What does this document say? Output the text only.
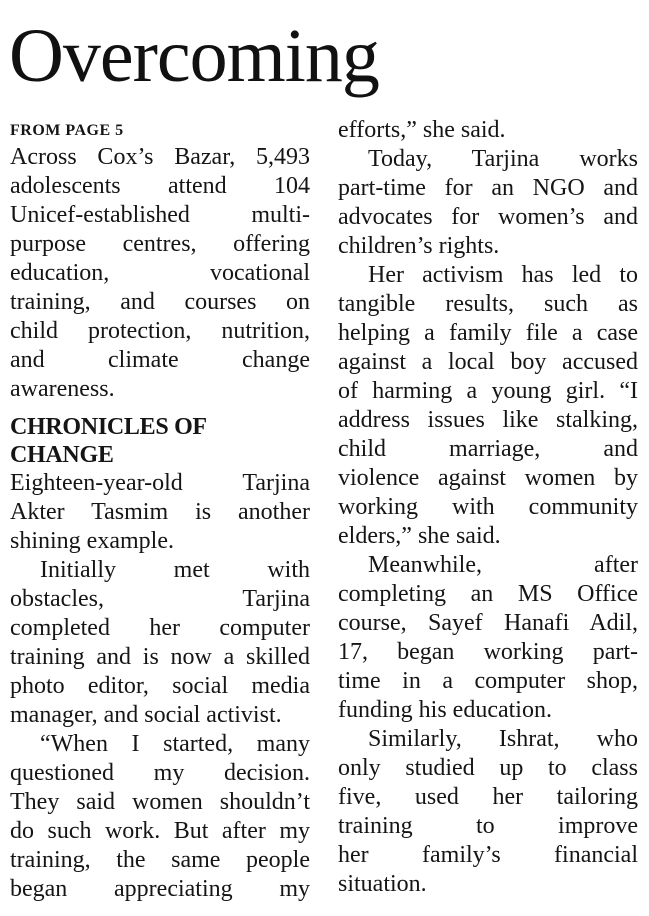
Overcoming
FROM PAGE 5
Across Cox’s Bazar, 5,493
adolescents attend 104
Unicef-established multi-
purpose centres, offering
education, vocational
training, and courses on
child protection, nutrition,
and climate change
awareness.
CHRONICLES OF
CHANGE
Eighteen-year-old Tarjina
Akter Tasmim is another
shining example.
Initially met with
obstacles, Tarjina
completed her computer
training and is now a skilled
photo editor, social media
manager, and social activist.
“When I started, many
questioned my decision.
They said women shouldn’t
do such work. But after my
training, the same people
began appreciating my
efforts,” she said.
Today, Tarjina works
part-time for an NGO and
advocates for women’s and
children’s rights.
Her activism has led to
tangible results, such as
helping a family file a case
against a local boy accused
of harming a young girl. “I
address issues like stalking,
child marriage, and
violence against women by
working with community
elders,” she said.
Meanwhile, after
completing an MS Office
course, Sayef Hanafi Adil,
17, began working part-
time in a computer shop,
funding his education.
Similarly, Ishrat, who
only studied up to class
five, used her tailoring
training to improve
her family’s financial
situation.
